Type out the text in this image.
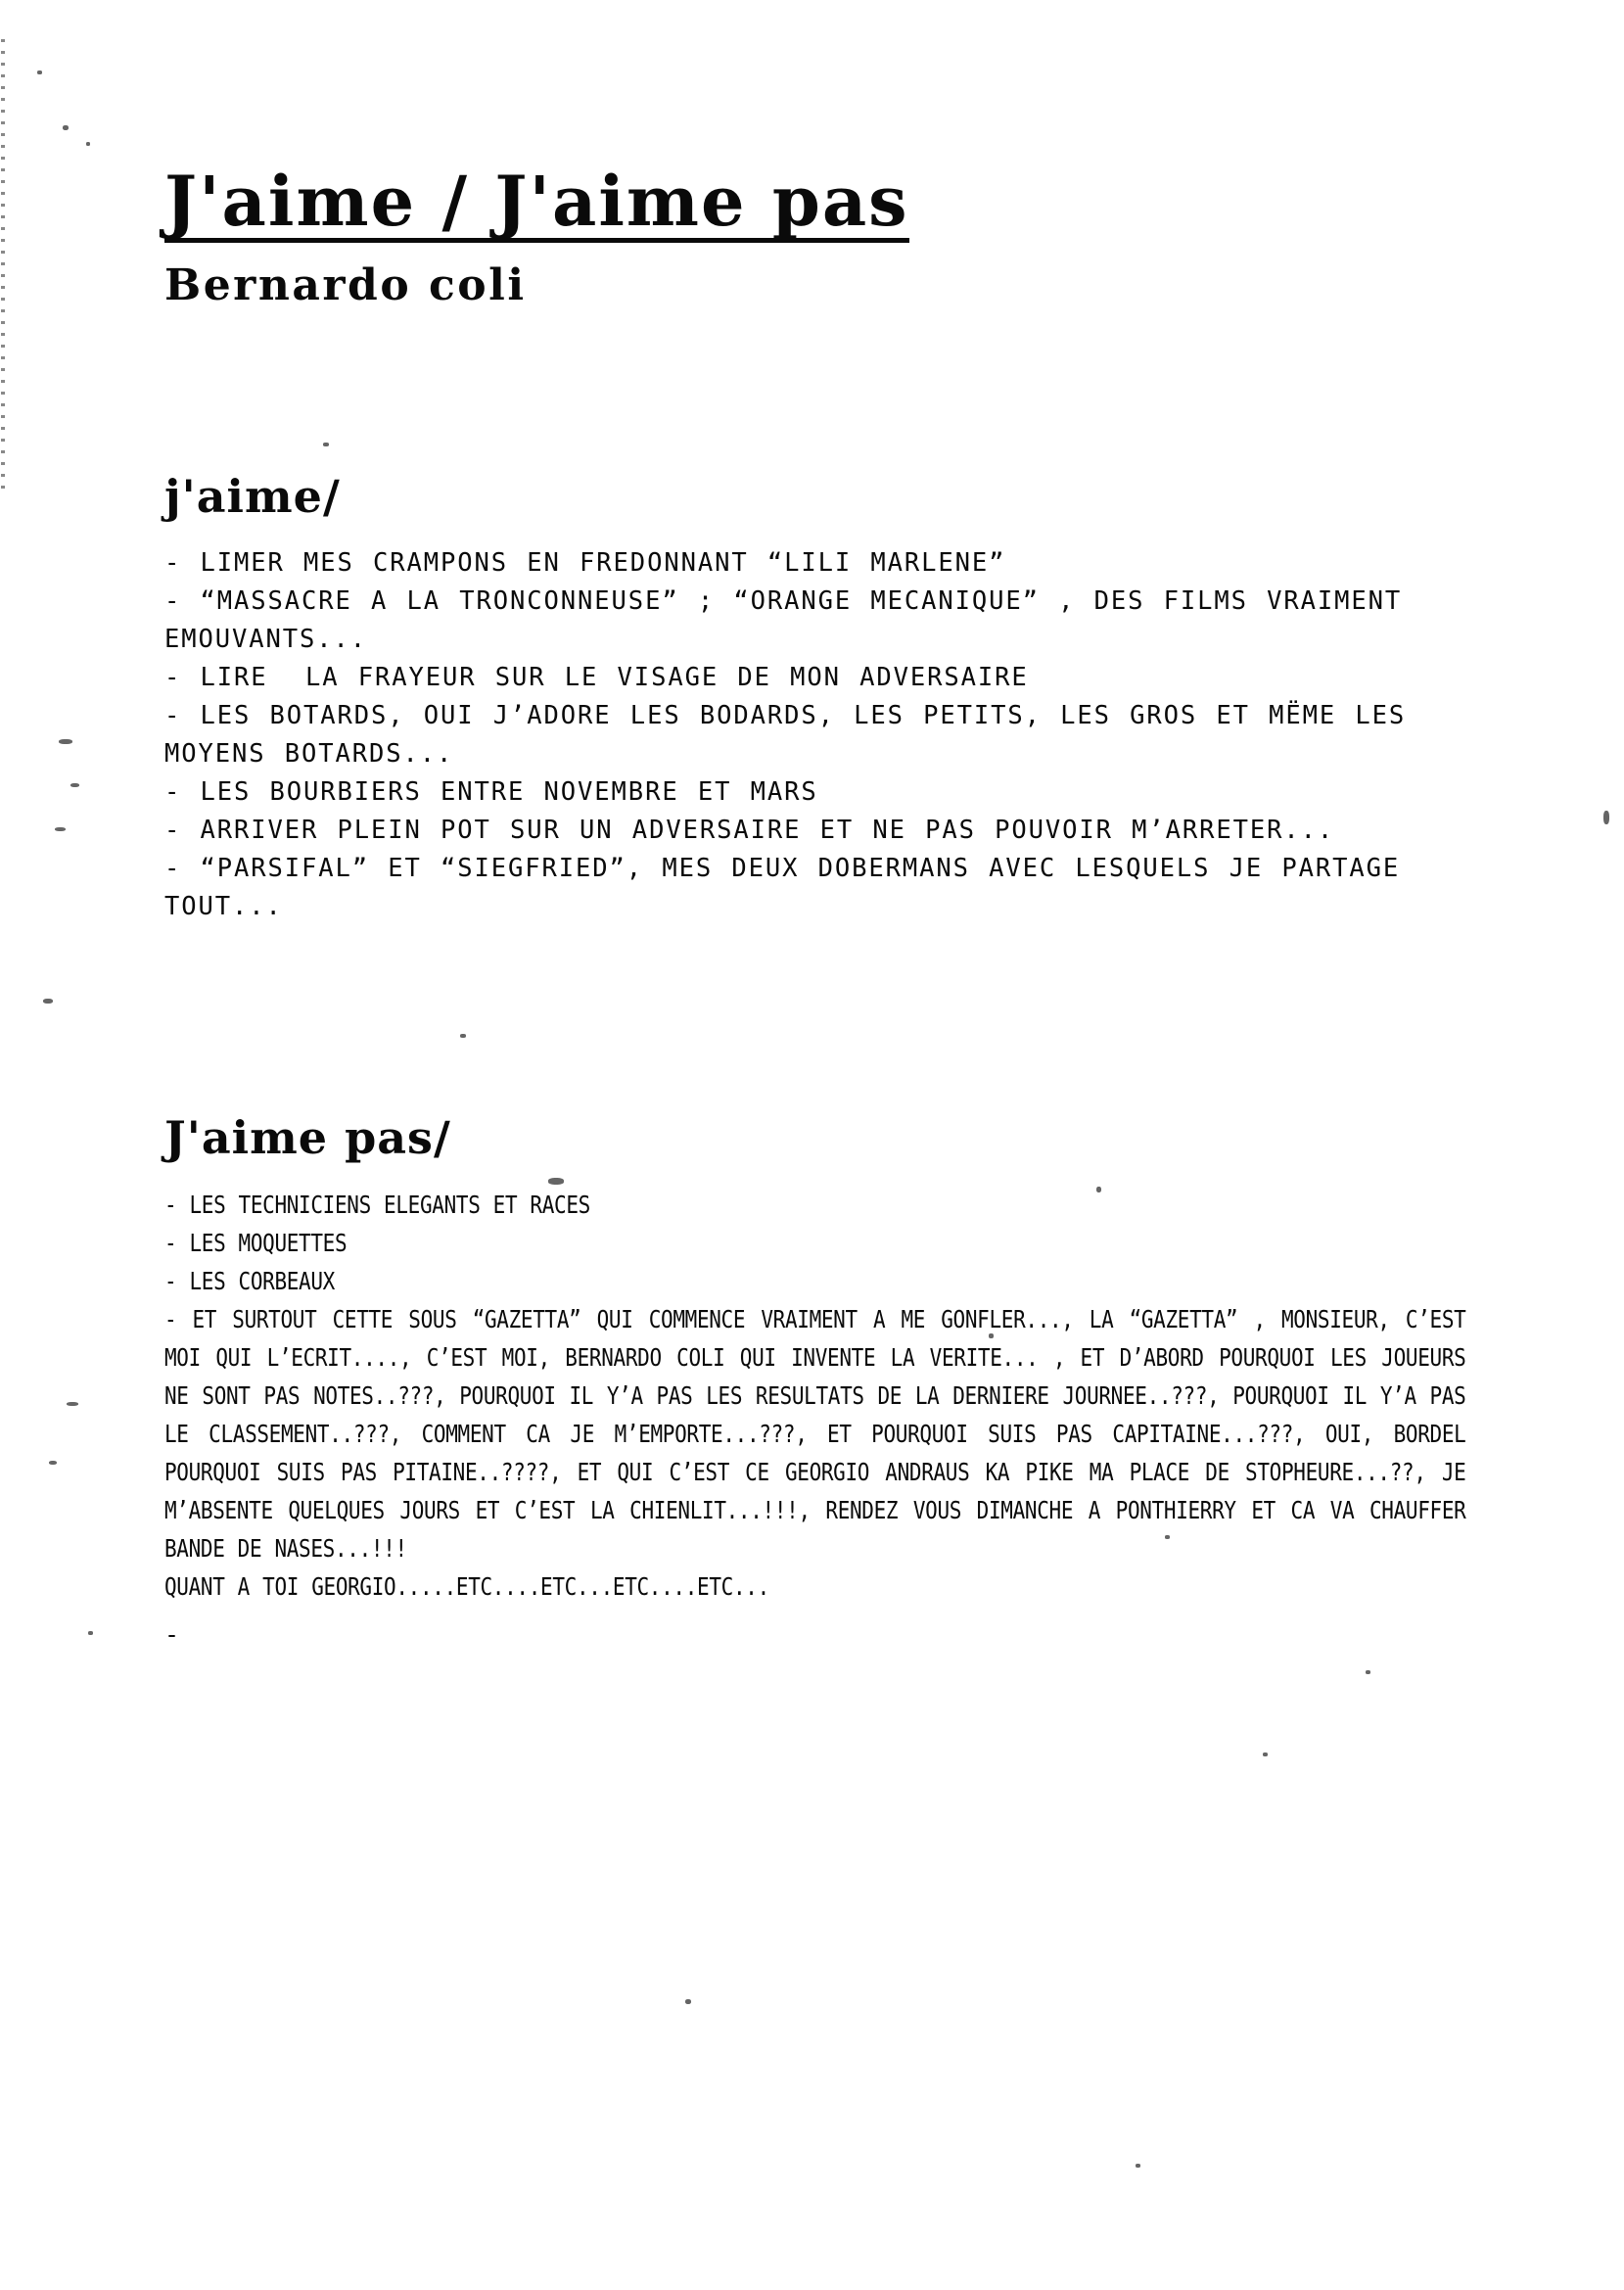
J'aime / J'aime pas
Bernardo coli
j'aime/
- LIMER MES CRAMPONS EN FREDONNANT “LILI MARLENE”
- “MASSACRE A LA TRONCONNEUSE” ; “ORANGE MECANIQUE” , DES FILMS VRAIMENT EMOUVANTS...
- LIRE  LA FRAYEUR SUR LE VISAGE DE MON ADVERSAIRE
- LES BOTARDS, OUI J’ADORE LES BODARDS, LES PETITS, LES GROS ET MËME LES MOYENS BOTARDS...
- LES BOURBIERS ENTRE NOVEMBRE ET MARS
- ARRIVER PLEIN POT SUR UN ADVERSAIRE ET NE PAS POUVOIR M’ARRETER...
- “PARSIFAL” ET “SIEGFRIED”, MES DEUX DOBERMANS AVEC LESQUELS JE PARTAGE TOUT...
J'aime pas/
- LES TECHNICIENS ELEGANTS ET RACES
- LES MOQUETTES
- LES CORBEAUX
- ET SURTOUT CETTE SOUS “GAZETTA” QUI COMMENCE VRAIMENT A ME GONFLER..., LA “GAZETTA” , MONSIEUR, C’EST MOI QUI L’ECRIT...., C’EST MOI, BERNARDO COLI QUI INVENTE LA VERITE... , ET D’ABORD POURQUOI LES JOUEURS NE SONT PAS NOTES..???, POURQUOI IL Y’A PAS LES RESULTATS DE LA DERNIERE JOURNEE..???, POURQUOI IL Y’A PAS LE CLASSEMENT..???, COMMENT CA JE M’EMPORTE...???, ET POURQUOI SUIS PAS CAPITAINE...???, OUI, BORDEL POURQUOI SUIS PAS PITAINE..????, ET QUI C’EST CE GEORGIO ANDRAUS KA PIKE MA PLACE DE STOPHEURE...??, JE M’ABSENTE QUELQUES JOURS ET C’EST LA CHIENLIT...!!!, RENDEZ VOUS DIMANCHE A PONTHIERRY ET CA VA CHAUFFER BANDE DE NASES...!!!
QUANT A TOI GEORGIO.....ETC....ETC...ETC....ETC...
-
